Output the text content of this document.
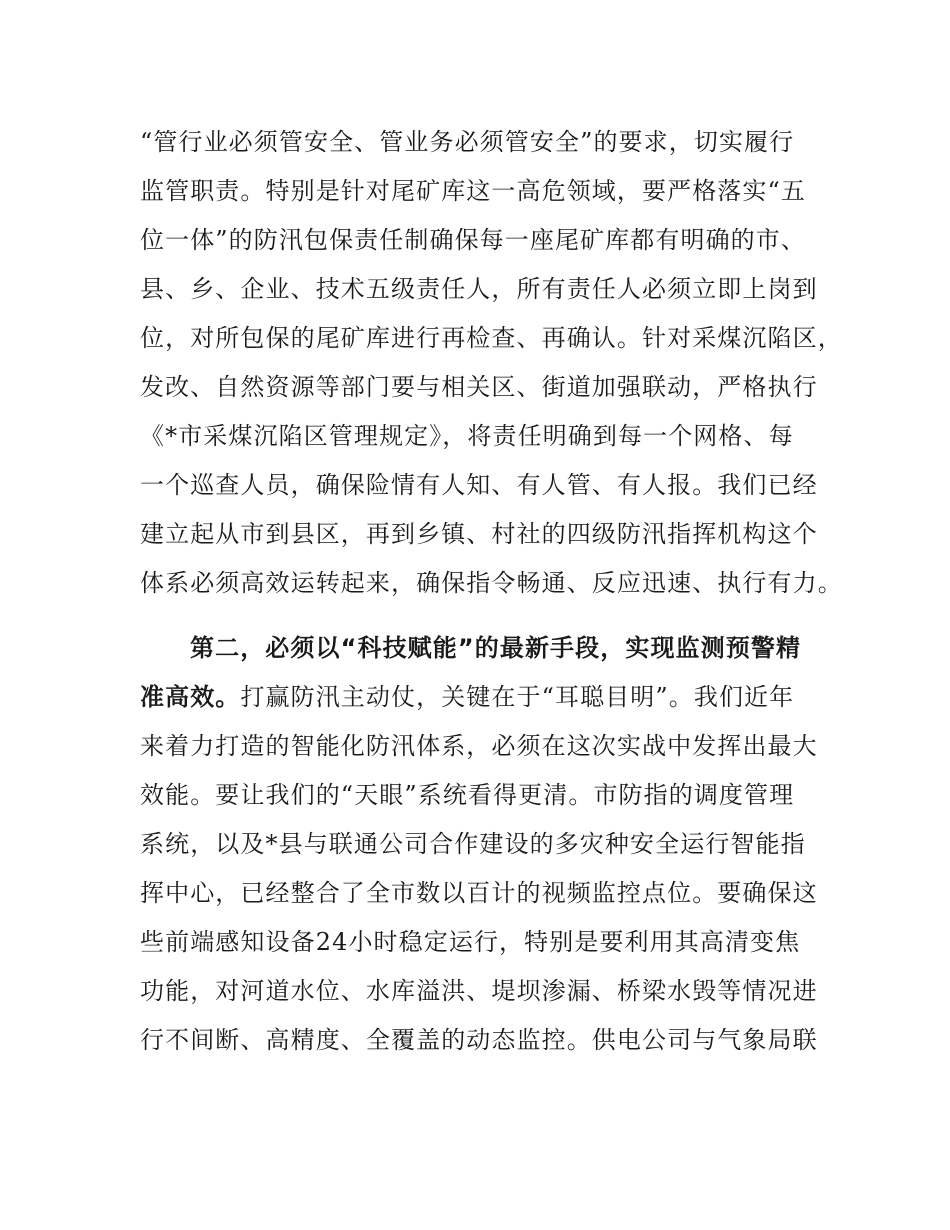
“管行业必须管安全、管业务必须管安全”的要求，切实履行
监管职责。特别是针对尾矿库这一高危领域，要严格落实“五
位一体”的防汛包保责任制确保每一座尾矿库都有明确的市、
县、乡、企业、技术五级责任人，所有责任人必须立即上岗到
位，对所包保的尾矿库进行再检查、再确认。针对采煤沉陷区，
发改、自然资源等部门要与相关区、街道加强联动，严格执行
《*市采煤沉陷区管理规定》，将责任明确到每一个网格、每
一个巡查人员，确保险情有人知、有人管、有人报。我们已经
建立起从市到县区，再到乡镇、村社的四级防汛指挥机构这个
体系必须高效运转起来，确保指令畅通、反应迅速、执行有力。
第二，必须以“科技赋能”的最新手段，实现监测预警精
准高效。打赢防汛主动仗，关键在于“耳聪目明”。我们近年
来着力打造的智能化防汛体系，必须在这次实战中发挥出最大
效能。要让我们的“天眼”系统看得更清。市防指的调度管理
系统，以及*县与联通公司合作建设的多灾种安全运行智能指
挥中心，已经整合了全市数以百计的视频监控点位。要确保这
些前端感知设备24小时稳定运行，特别是要利用其高清变焦
功能，对河道水位、水库溢洪、堤坝渗漏、桥梁水毁等情况进
行不间断、高精度、全覆盖的动态监控。供电公司与气象局联
